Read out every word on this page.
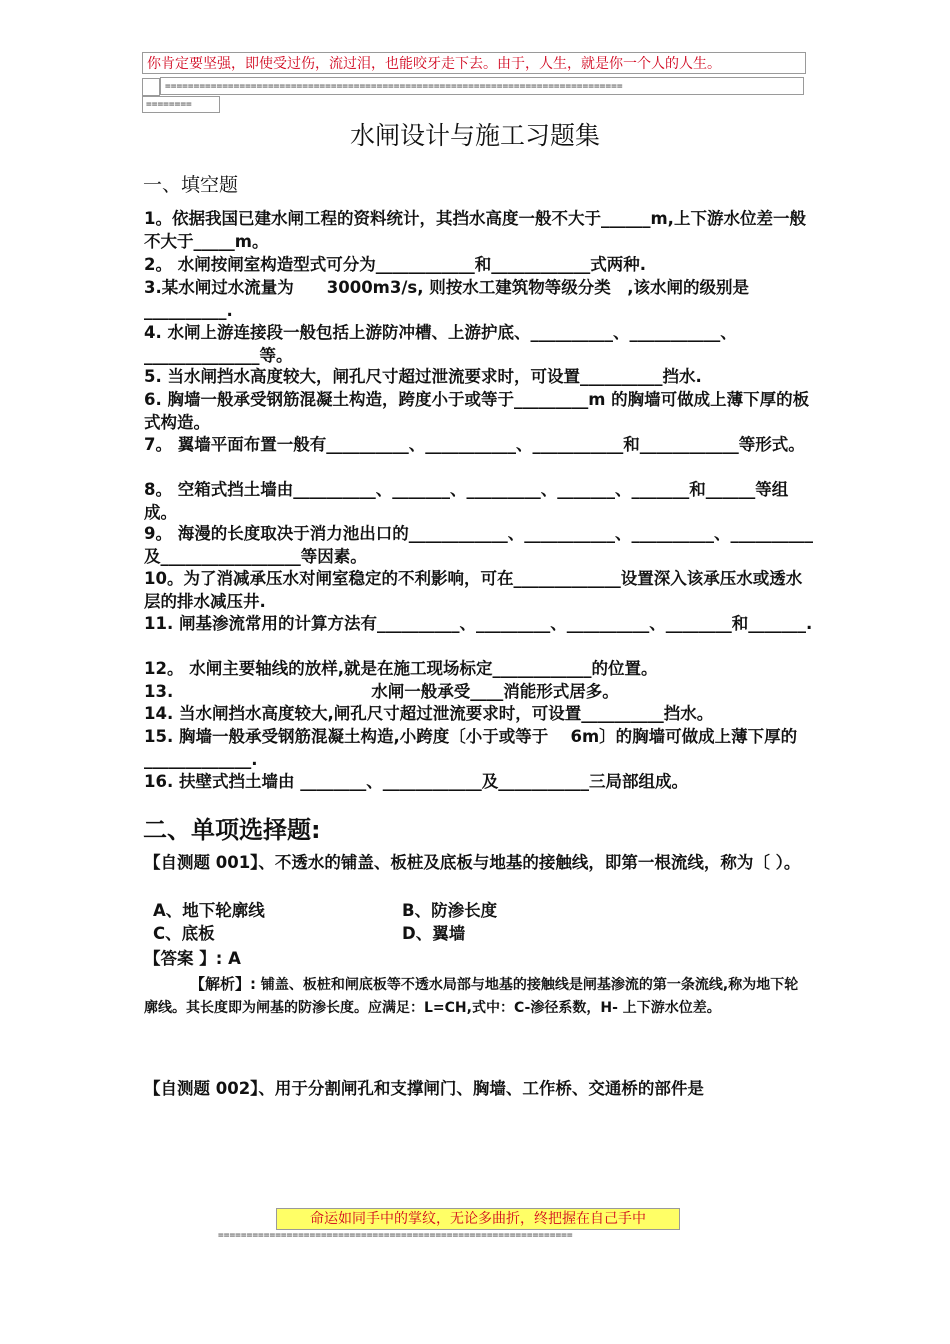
你肯定要坚强，即使受过伤，流过泪，也能咬牙走下去。由于，人生，就是你一个人的人生。
================================================================================
========
水闸设计与施工习题集
一、填空题
1。依据我国已建水闸工程的资料统计，其挡水高度一般不大于______m,上下游水位差一般不大于_____m。
2。 水闸按闸室构造型式可分为____________和____________式两种.
3.某水闸过水流量为　　3000m3/s, 则按水工建筑物等级分类　,该水闸的级别是__________.
4. 水闸上游连接段一般包括上游防冲槽、上游护底、__________、___________、______________等。
5. 当水闸挡水高度较大，闸孔尺寸超过泄流要求时，可设置__________挡水.
6. 胸墙一般承受钢筋混凝土构造，跨度小于或等于_________m 的胸墙可做成上薄下厚的板式构造。
7。 翼墙平面布置一般有__________、___________、___________和____________等形式。
8。 空箱式挡土墙由__________、_______、_________、_______、_______和______等组成。
9。 海漫的长度取决于消力池出口的____________、___________、__________、__________及_________________等因素。
10。为了消减承压水对闸室稳定的不利影响，可在_____________设置深入该承压水或透水层的排水减压井.
11. 闸基渗流常用的计算方法有__________、_________、__________、________和_______.
12。 水闸主要轴线的放样,就是在施工现场标定____________的位置。
13.　　　　　　　　　　　　水闸一般承受____消能形式居多。
14. 当水闸挡水高度较大,闸孔尺寸超过泄流要求时，可设置__________挡水。
15. 胸墙一般承受钢筋混凝土构造,小跨度〔小于或等于　 6m〕的胸墙可做成上薄下厚的_____________.
16. 扶壁式挡土墙由 ________、____________及___________三局部组成。
二、单项选择题:
【自测题 001】、不透水的铺盖、板桩及底板与地基的接触线，即第一根流线，称为〔 ）。
A、地下轮廓线	B、防渗长度
C、底板	D、翼墙
【答案 】: A
【解析】: 铺盖、板桩和闸底板等不透水局部与地基的接触线是闸基渗流的第一条流线,称为地下轮廓线。其长度即为闸基的防渗长度。应满足：L=CH,式中：C-渗径系数，H- 上下游水位差。
【自测题 002】、用于分割闸孔和支撑闸门、胸墙、工作桥、交通桥的部件是
命运如同手中的掌纹，无论多曲折，终把握在自己手中
==============================================================
